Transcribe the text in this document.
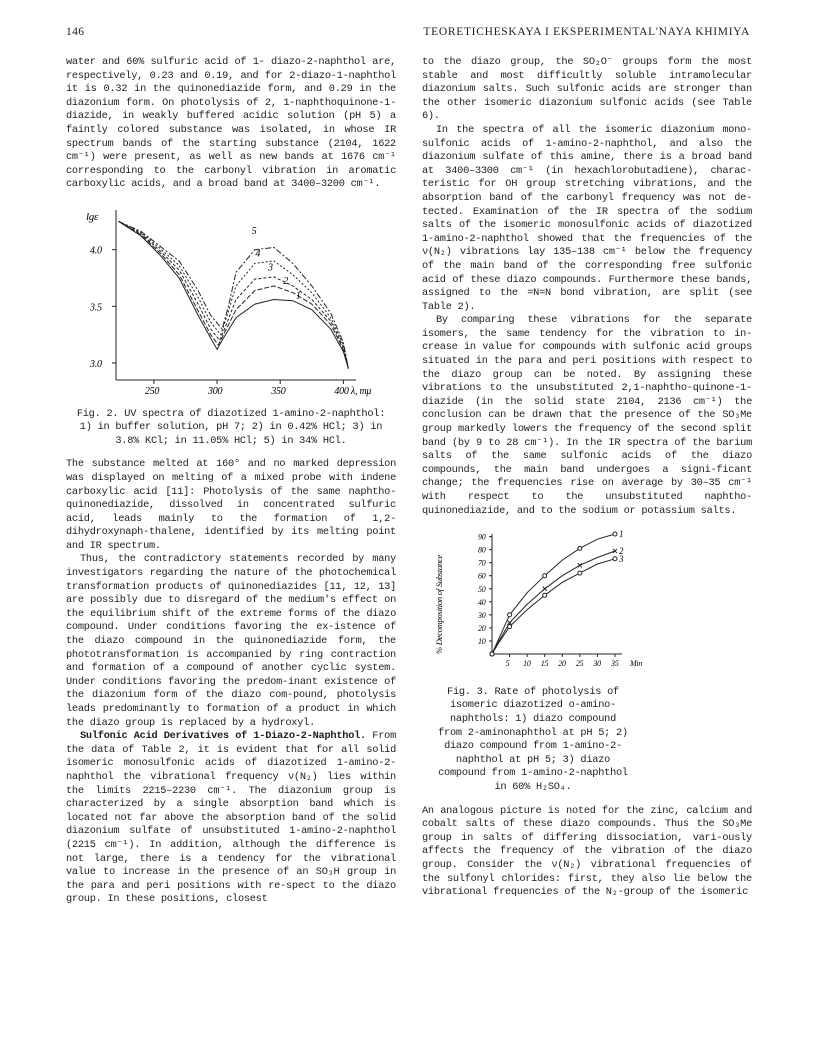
146	TEORETICHESKAYA I EKSPERIMENTAL'NAYA KHIMIYA

water and 60% sulfuric acid of 1- diazo-2-naphthol are, respectively, 0.23 and 0.19, and for 2-diazo-1-naphthol it is 0.32 in the quinonediazide form, and 0.29 in the diazonium form. On photolysis of 2, 1-naphthoquinone-1-diazide, in weakly buffered acidic solution (pH 5) a faintly colored substance was isolated, in whose IR spectrum bands of the starting substance (2104, 1622 cm⁻¹) were present, as well as new bands at 1676 cm⁻¹ corresponding to the carbonyl vibration in aromatic carboxylic acids, and a broad band at 3400–3200 cm⁻¹.

lgε
4.0
3.5
3.0
250	300	350	400 λ, mμ
1
2
3
4
5

Fig. 2. UV spectra of diazotized 1-amino-2-naphthol: 1) in buffer solution, pH 7; 2) in 0.42% HCl; 3) in 3.8% KCl; in 11.05% HCl; 5) in 34% HCl.

The substance melted at 160° and no marked depression was displayed on melting of a mixed probe with indene carboxylic acid [11]: Photolysis of the same naphtho-quinonediazide, dissolved in concentrated sulfuric acid, leads mainly to the formation of 1,2-dihydroxynaph-thalene, identified by its melting point and IR spectrum.

Thus, the contradictory statements recorded by many investigators regarding the nature of the photochemical transformation products of quinonediazides [11, 12, 13] are possibly due to disregard of the medium's effect on the equilibrium shift of the extreme forms of the diazo compound. Under conditions favoring the ex-istence of the diazo compound in the quinonediazide form, the phototransformation is accompanied by ring contraction and formation of a compound of another cyclic system. Under conditions favoring the predom-inant existence of the diazonium form of the diazo com-pound, photolysis leads predominantly to formation of a product in which the diazo group is replaced by a hydroxyl.

Sulfonic Acid Derivatives of 1-Diazo-2-Naphthol. From the data of Table 2, it is evident that for all solid isomeric monosulfonic acids of diazotized 1-amino-2-naphthol the vibrational frequency ν(N₂) lies within the limits 2215–2230 cm⁻¹. The diazonium group is characterized by a single absorption band which is located not far above the absorption band of the solid diazonium sulfate of unsubstituted 1-amino-2-naphthol (2215 cm⁻¹). In addition, although the difference is not large, there is a tendency for the vibrational value to increase in the presence of an SO₃H group in the para and peri positions with re-spect to the diazo group. In these positions, closest

to the diazo group, the SO₂O⁻ groups form the most stable and most difficultly soluble intramolecular diazonium salts. Such sulfonic acids are stronger than the other isomeric diazonium sulfonic acids (see Table 6).

In the spectra of all the isomeric diazonium mono-sulfonic acids of 1-amino-2-naphthol, and also the diazonium sulfate of this amine, there is a broad band at 3400–3300 cm⁻¹ (in hexachlorobutadiene), charac-teristic for OH group stretching vibrations, and the absorption band of the carbonyl frequency was not de-tected. Examination of the IR spectra of the sodium salts of the isomeric monosulfonic acids of diazotized 1-amino-2-naphthol showed that the frequencies of the ν(N₂) vibrations lay 135–138 cm⁻¹ below the frequency of the main band of the corresponding free sulfonic acid of these diazo compounds. Furthermore these bands, assigned to the =N=N bond vibration, are split (see Table 2).

By comparing these vibrations for the separate isomers, the same tendency for the vibration to in-crease in value for compounds with sulfonic acid groups situated in the para and peri positions with respect to the diazo group can be noted. By assigning these vibrations to the unsubstituted 2,1-naphtho-quinone-1-diazide (in the solid state 2104, 2136 cm⁻¹) the conclusion can be drawn that the presence of the SO₃Me group markedly lowers the frequency of the second split band (by 9 to 28 cm⁻¹). In the IR spectra of the barium salts of the same sulfonic acids of the diazo compounds, the main band undergoes a signi-ficant change; the frequencies rise on average by 30–35 cm⁻¹ with respect to the unsubstituted naphtho-quinonediazide, and to the sodium or potassium salts.

% Decomposition of Substance
90
80
70
60
50
40
30
20
10
5 10 15 20 25 30 35 Min
1
2
3

Fig. 3. Rate of photolysis of isomeric diazotized o-amino-naphthols: 1) diazo compound from 2-aminonaphthol at pH 5; 2) diazo compound from 1-amino-2-naphthol at pH 5; 3) diazo compound from 1-amino-2-naphthol in 60% H₂SO₄.

An analogous picture is noted for the zinc, calcium and cobalt salts of these diazo compounds. Thus the SO₃Me group in salts of differing dissociation, vari-ously affects the frequency of the vibration of the diazo group. Consider the ν(N₂) vibrational frequencies of the sulfonyl chlorides: first, they also lie below the vibrational frequencies of the N₂-group of the isomeric
